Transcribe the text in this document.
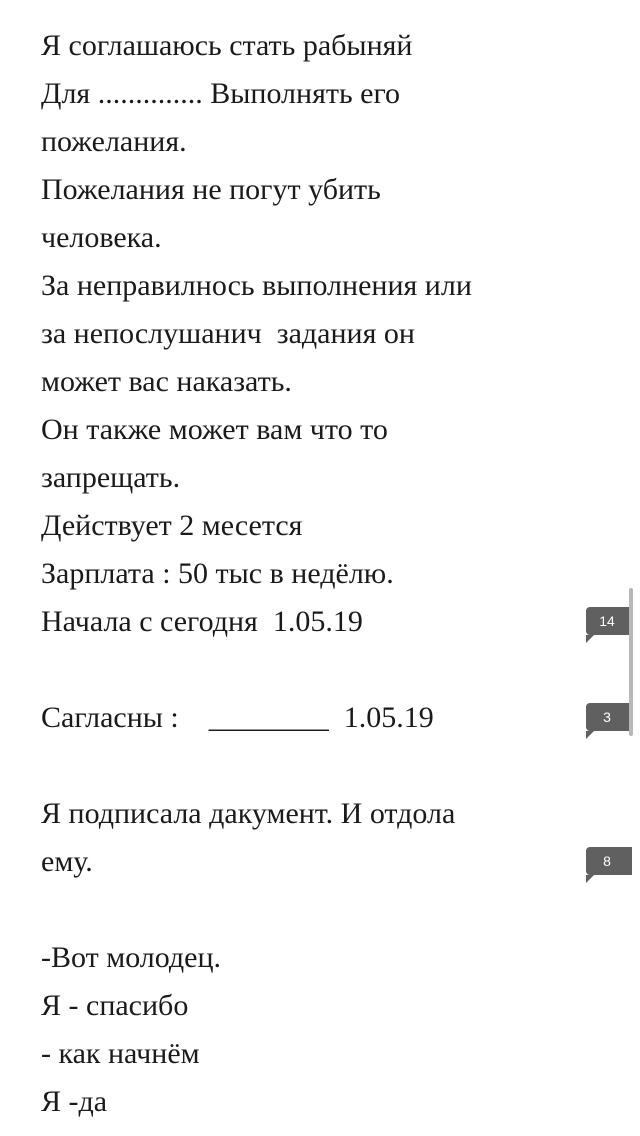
Я соглашаюсь стать рабыняй
Для .............. Выполнять его
пожелания.
Пожелания не погут убить
человека.
За неправилнось выполнения или
за непослушанич  задания он
может вас наказать.
Он также может вам что то
запрещать.
Действует 2 месется
Зарплата : 50 тыс в недёлю.
Начала с сегодня  1.05.19
Сагласны :    ________  1.05.19
Я подписала дакумент. И отдола
ему.
-Вот молодец.
Я - спасибо
- как начнём
Я -да
14
3
8
